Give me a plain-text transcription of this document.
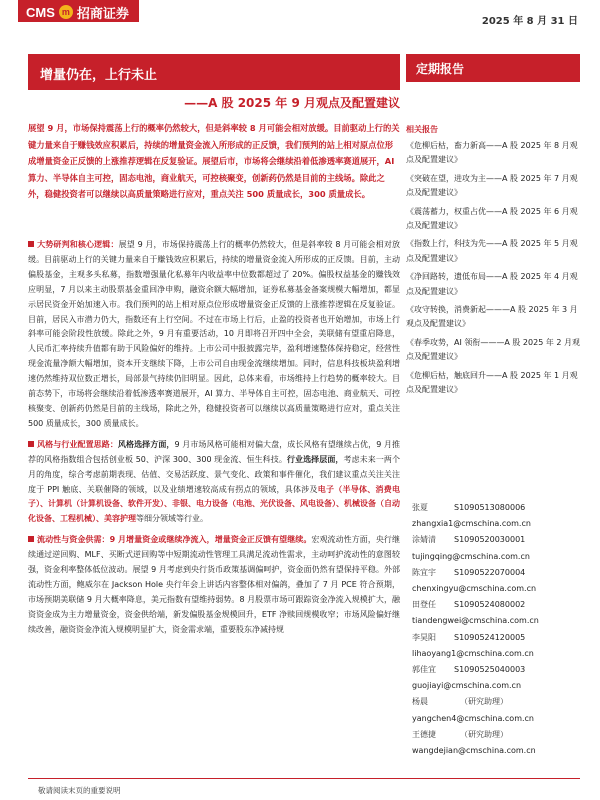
CMS m 招商证券
2025 年 8 月 31 日
增量仍在，上行未止	定期报告
——A 股 2025 年 9 月观点及配置建议
展望 9 月，市场保持震荡上行的概率仍然较大，但是斜率较 8 月可能会相对放缓。目前驱动上行的关键力量来自于赚钱效应积累后，持续的增量资金流入所形成的正反馈，我们预判的站上相对原点位形成增量资金正反馈的上涨推荐逻辑在反复验证。展望后市，市场将会继续沿着低渗透率赛道展开，AI 算力、半导体自主可控，固态电池，商业航天，可控核聚变，创新药仍然是目前的主线场。除此之外，稳健投资者可以继续以高质量策略进行应对，重点关注 500 质量成长，300 质量成长。

大势研判和核心逻辑：展望 9 月，市场保持震荡上行的概率仍然较大，但是斜率较 8 月可能会相对放缓。目前驱动上行的关键力量来自于赚钱效应积累后，持续的增量资金流入所形成的正反馈。目前，主动偏股基金，主观多头私募，指数增强量化私募年内收益率中位数都超过了 20%。偏股权益基金的赚钱效应明显，7 月以来主动股票基金重回净申购，融资余额大幅增加，证券私募基金备案规模大幅增加，都显示居民资金开始加速入市。我们预判的站上相对原点位形成增量资金正反馈的上涨推荐逻辑在反复验证。目前，居民入市潜力仍大，指数还有上行空间。不过在市场上行后，止盈的投资者也开始增加，市场上行斜率可能会阶段性放缓。除此之外，9 月有重要活动，10 月即将召开四中全会，美联储有望重启降息，人民币汇率持续升值都有助于风险偏好的维持。上市公司中报披露完毕，盈利增速整体保持稳定，经营性现金流量净额大幅增加，资本开支继续下降，上市公司自由现金流继续增加。同时，信息科技板块盈利增速仍然维持双位数正增长，局部景气持续仍旧明显。因此，总体来看，市场维持上行趋势的概率较大。目前态势下，市场将会继续沿着低渗透率赛道展开，AI 算力、半导体自主可控，固态电池、商业航天、可控核聚变、创新药仍然是目前的主线场，除此之外，稳健投资者可以继续以高质量策略进行应对，重点关注 500 质量成长，300 质量成长。

风格与行业配置思路：风格选择方面，9 月市场风格可能相对偏大盘，成长风格有望继续占优，9 月推荐的风格指数组合包括创业板 50、沪深 300、300 现金流、恒生科技。行业选择层面，考虑未来一两个月的角度，综合考虑前期表现、估值、交易活跃度、景气变化、政策和事件催化，我们建议重点关注关注度于 PPI 触底、关联催降的领域，以及业绩增速较高成有拐点的领域，具体涉及电子（半导体、消费电子）、计算机（计算机设备、软件开发）、非银、电力设备（电池、光伏设备、风电设备）、机械设备（自动化设备、工程机械）、美容护理等细分领域等行业。

流动性与资金供需：9 月增量资金或继续净流入，增量资金正反馈有望继续。宏观流动性方面，央行继续通过逆回购、MLF、买断式逆回购等中短期流动性管理工具满足流动性需求，主动呵护流动性的意图较强，资金利率整体低位波动。展望 9 月考虑到央行货币政策基调偏呵护，资金面仍然有望保持平稳。外部流动性方面，鲍威尔在 Jackson Hole 央行年会上讲话内容整体相对偏鸽，叠加了 7 月 PCE 符合预期，市场预期美联储 9 月大概率降息，美元指数有望维持弱势。8 月股票市场可跟踪资金净流入规模扩大，融资资金成为主力增量资金，资金供给端，新发偏股基金规模回升，ETF 净赎回规模收窄；市场风险偏好继续改善，融资资金净流入规模明显扩大，资金需求端，重要股东净减持规

相关报告
《危柳后枯，畜力新高——A 股 2025 年 8 月观点及配置建议》
《突破在望，进攻为主——A 股 2025 年 7 月观点及配置建议》
《震荡蓄力，权重占优——A 股 2025 年 6 月观点及配置建议》
《指数上行，科技为先——A 股 2025 年 5 月观点及配置建议》
《净回路转，遗低布局——A 股 2025 年 4 月观点及配置建议》
《攻守转换，消费新起———A 股 2025 年 3 月观点及配置建议》
《春季攻势，AI 领衔———A 股 2025 年 2 月观点及配置建议》
《危柳后枯，触底回升——A 股 2025 年 1 月观点及配置建议》
张夏	S1090513080006
zhangxia1@cmschina.com.cn
涂婧清 S1090520030001
tujingqing@cmschina.com.cn
陈宜宇 S1090522070004
chenxingyu@cmschina.com.cn
田登任 S1090524080002
tiandengwei@cmschina.com.cn
李昊阳 S1090524120005
lihaoyang1@cmschina.com.cn
郭佳宜 S1090525040003
guojiayi@cmschina.com.cn
杨晨	（研究助理）
yangchen4@cmschina.com.cn
王德捷	（研究助理）
wangdejian@cmschina.com.cn
敬请阅读末页的重要说明
